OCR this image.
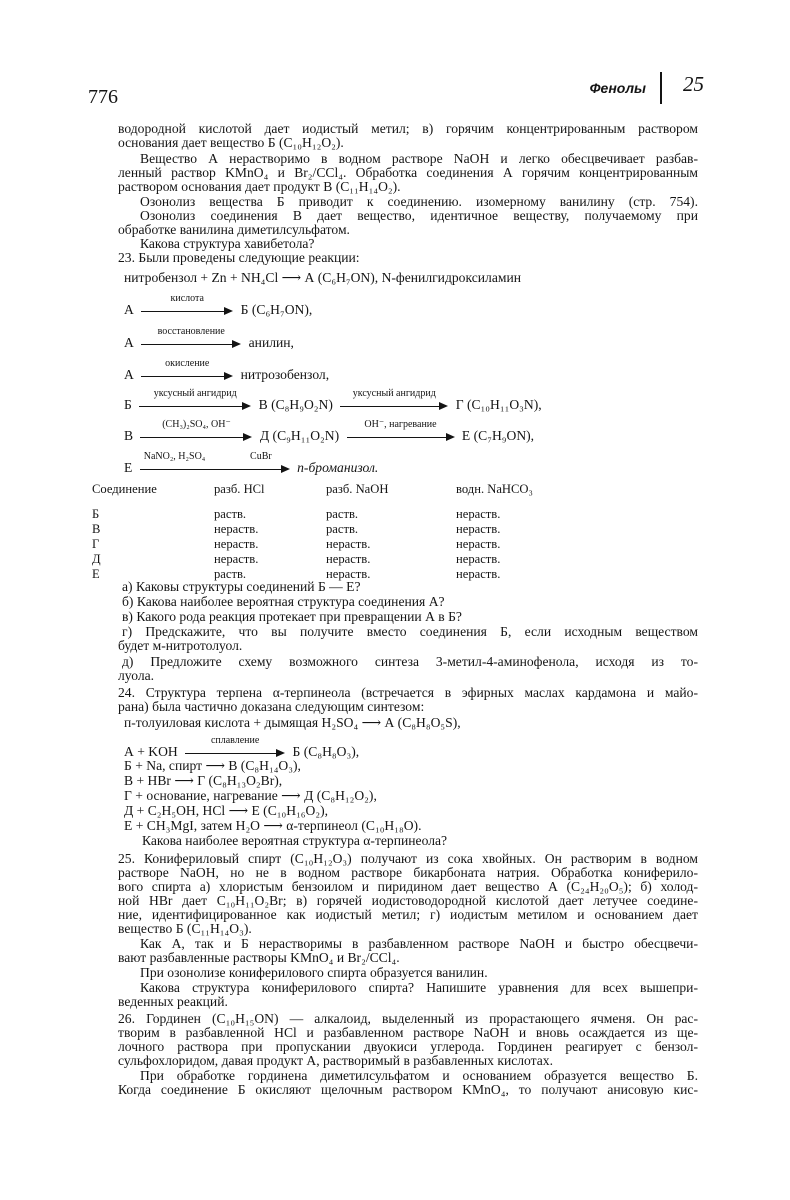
776	Фенолы 25
водородной кислотой дает иодистый метил; в) горячим концентрированным раствором
основания дает вещество Б (C₁₀H₁₂O₂).
Вещество А нерастворимо в водном растворе NaOH и легко обесцвечивает разбав-
ленный раствор KMnO₄ и Br₂/CCl₄. Обработка соединения А горячим концентрированным
раствором основания дает продукт В (C₁₁H₁₄O₂).
Озонолиз вещества Б приводит к соединению. изомерному ванилину (стр. 754).
Озонолиз соединения В дает вещество, идентичное веществу, получаемому при
обработке ванилина диметилсульфатом.
Какова структура хавибетола?
23. Были проведены следующие реакции:
нитробензол + Zn + NH₄Cl ⟶ А (C₆H₇ON), N-фенилгидроксиламин
А
кислота
Б (C₆H₇ON),
А
восстановление
анилин,
А
окисление
нитрозобензол,
Б
уксусный ангидрид
В (C₈H₉O₂N)
уксусный ангидрид
Г (C₁₀H₁₁O₃N),
В
(CH₃)₂SO₄, OH⁻
Д (C₉H₁₁O₂N)
OH⁻, нагревание
Е (C₇H₉ON),
Е
NaNO₂, H₂SO₄	CuBr
п-броманизол.
Соединение	разб. HCl	разб. NaOH	водн. NaHCO₃

Б	раств.	раств.	нераств.
В	нераств.	раств.	нераств.
Г	нераств.	нераств.	нераств.
Д	нераств.	нераств.	нераств.
Е	раств.	нераств.	нераств.
а) Каковы структуры соединений Б — Е?
б) Какова наиболее вероятная структура соединения А?
в) Какого рода реакция протекает при превращении А в Б?
г) Предскажите, что вы получите вместо соединения Б, если исходным веществом
будет м-нитротолуол.
д) Предложите схему возможного синтеза 3-метил-4-аминофенола, исходя из то-
луола.
24. Структура терпена α-терпинеола (встречается в эфирных маслах кардамона и майо-
рана) была частично доказана следующим синтезом:
п-толуиловая кислота + дымящая H₂SO₄ ⟶ А (C₈H₈O₅S),
А + KOH
сплавление
Б (C₈H₈O₃),
Б + Na, спирт ⟶ В (C₈H₁₄O₃),
В + HBr ⟶ Г (C₈H₁₃O₂Br),
Г + основание, нагревание ⟶ Д (C₈H₁₂O₂),
Д + C₂H₅OH, HCl ⟶ Е (C₁₀H₁₆O₂),
Е + CH₃MgI, затем H₂O ⟶ α-терпинеол (C₁₀H₁₈O).
Какова наиболее вероятная структура α-терпинеола?
25. Конифериловый спирт (C₁₀H₁₂O₃) получают из сока хвойных. Он растворим в водном
растворе NaOH, но не в водном растворе бикарбоната натрия. Обработка кониферило-
вого спирта а) хлористым бензоилом и пиридином дает вещество А (C₂₄H₂₀O₅); б) холод-
ной HBr дает C₁₀H₁₁O₂Br; в) горячей иодистоводородной кислотой дает летучее соедине-
ние, идентифицированное как иодистый метил; г) иодистым метилом и основанием дает
вещество Б (C₁₁H₁₄O₃).
Как А, так и Б нерастворимы в разбавленном растворе NaOH и быстро обесцвечи-
вают разбавленные растворы KMnO₄ и Br₂/CCl₄.
При озонолизе кониферилового спирта образуется ванилин.
Какова структура кониферилового спирта? Напишите уравнения для всех вышепри-
веденных реакций.
26. Гординен (C₁₀H₁₅ON) — алкалоид, выделенный из прорастающего ячменя. Он рас-
творим в разбавленной HCl и разбавленном растворе NaOH и вновь осаждается из ще-
лочного раствора при пропускании двуокиси углерода. Гординен реагирует с бензол-
сульфохлоридом, давая продукт А, растворимый в разбавленных кислотах.
При обработке гординена диметилсульфатом и основанием образуется вещество Б.
Когда соединение Б окисляют щелочным раствором KMnO₄, то получают анисовую кис-
